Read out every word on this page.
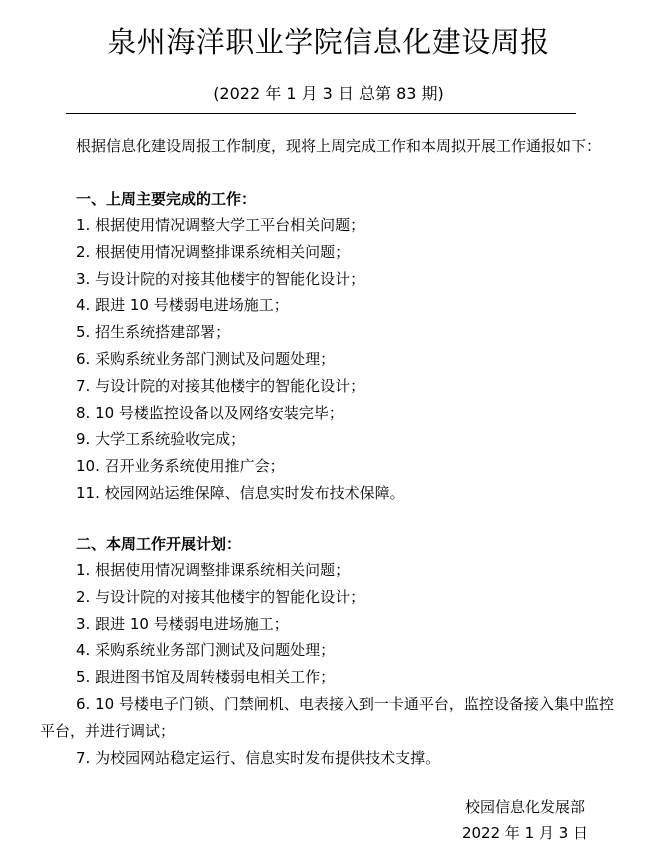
泉州海洋职业学院信息化建设周报
(2022 年 1 月 3 日 总第 83 期)
根据信息化建设周报工作制度，现将上周完成工作和本周拟开展工作通报如下：
一、上周主要完成的工作：
1. 根据使用情况调整大学工平台相关问题；
2. 根据使用情况调整排课系统相关问题；
3. 与设计院的对接其他楼宇的智能化设计；
4. 跟进 10 号楼弱电进场施工；
5. 招生系统搭建部署；
6. 采购系统业务部门测试及问题处理；
7. 与设计院的对接其他楼宇的智能化设计；
8. 10 号楼监控设备以及网络安装完毕；
9. 大学工系统验收完成；
10. 召开业务系统使用推广会；
11. 校园网站运维保障、信息实时发布技术保障。
二、本周工作开展计划：
1. 根据使用情况调整排课系统相关问题；
2. 与设计院的对接其他楼宇的智能化设计；
3. 跟进 10 号楼弱电进场施工；
4. 采购系统业务部门测试及问题处理；
5. 跟进图书馆及周转楼弱电相关工作；
6. 10 号楼电子门锁、门禁闸机、电表接入到一卡通平台，监控设备接入集中监控平台，并进行调试；
7. 为校园网站稳定运行、信息实时发布提供技术支撑。
校园信息化发展部
2022 年 1 月 3 日
